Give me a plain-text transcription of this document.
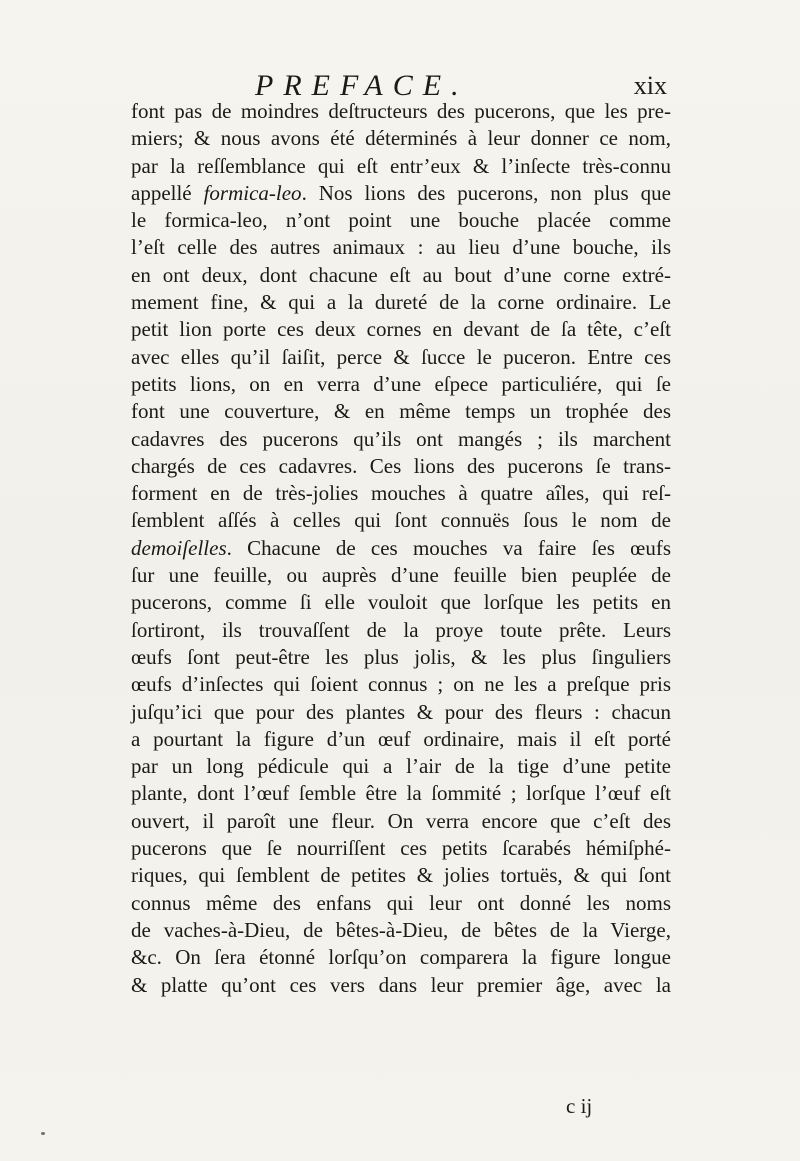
PREFACE.	xix
font pas de moindres deſtructeurs des pucerons, que les pre-
miers; & nous avons été déterminés à leur donner ce nom,
par la reſſemblance qui eſt entr’eux & l’inſecte très-connu
appellé formica-leo. Nos lions des pucerons, non plus que
le formica-leo, n’ont point une bouche placée comme
l’eſt celle des autres animaux : au lieu d’une bouche, ils
en ont deux, dont chacune eſt au bout d’une corne extré-
mement fine, & qui a la dureté de la corne ordinaire. Le
petit lion porte ces deux cornes en devant de ſa tête, c’eſt
avec elles qu’il ſaiſit, perce & ſucce le puceron. Entre ces
petits lions, on en verra d’une eſpece particuliére, qui ſe
font une couverture, & en même temps un trophée des
cadavres des pucerons qu’ils ont mangés ; ils marchent
chargés de ces cadavres. Ces lions des pucerons ſe trans-
forment en de très-jolies mouches à quatre aîles, qui reſ-
ſemblent aſſés à celles qui ſont connuës ſous le nom de
demoiſelles. Chacune de ces mouches va faire ſes œufs
ſur une feuille, ou auprès d’une feuille bien peuplée de
pucerons, comme ſi elle vouloit que lorſque les petits en
ſortiront, ils trouvaſſent de la proye toute prête. Leurs
œufs ſont peut-être les plus jolis, & les plus ſinguliers
œufs d’inſectes qui ſoient connus ; on ne les a preſque pris
juſqu’ici que pour des plantes & pour des fleurs : chacun
a pourtant la figure d’un œuf ordinaire, mais il eſt porté
par un long pédicule qui a l’air de la tige d’une petite
plante, dont l’œuf ſemble être la ſommité ; lorſque l’œuf eſt
ouvert, il paroît une fleur. On verra encore que c’eſt des
pucerons que ſe nourriſſent ces petits ſcarabés hémiſphé-
riques, qui ſemblent de petites & jolies tortuës, & qui ſont
connus même des enfans qui leur ont donné les noms
de vaches-à-Dieu, de bêtes-à-Dieu, de bêtes de la Vierge,
&c. On ſera étonné lorſqu’on comparera la figure longue
& platte qu’ont ces vers dans leur premier âge, avec la
c ij
